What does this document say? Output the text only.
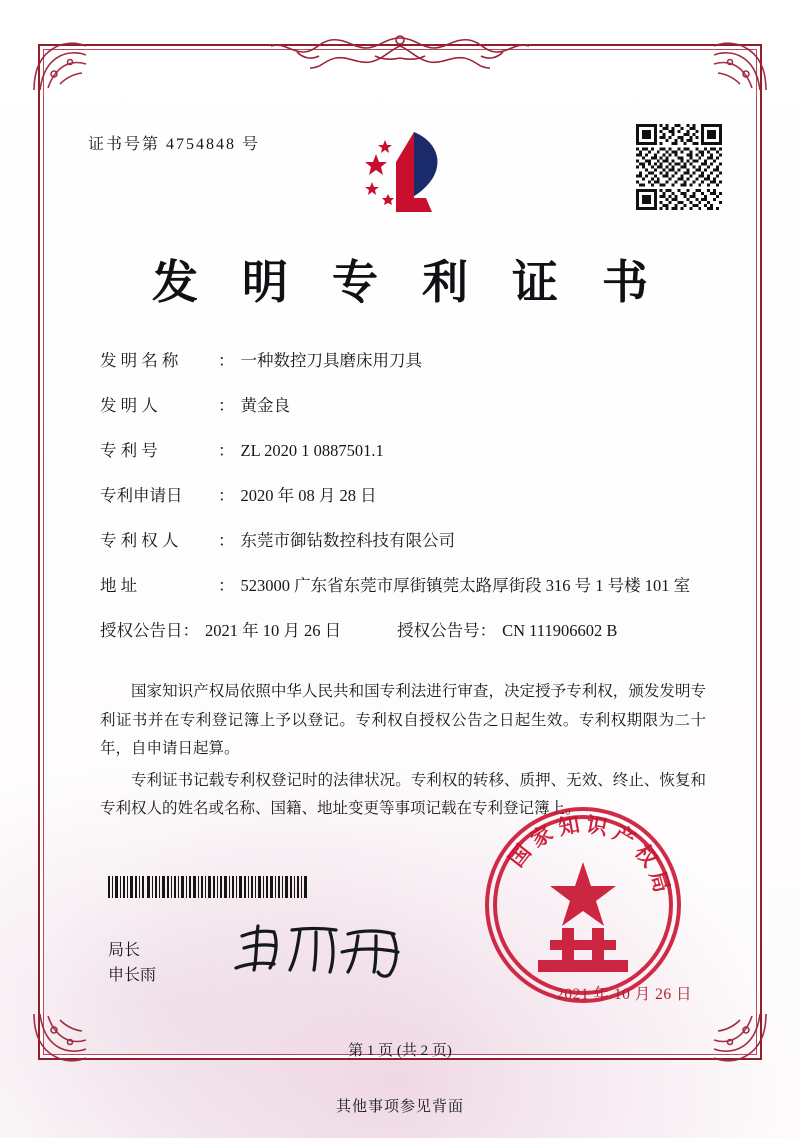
证书号第 4754848 号
发 明 专 利 证 书
发 明 名 称 ： 一种数控刀具磨床用刀具
发 明 人	： 黄金良
专 利 号	： ZL 2020 1 0887501.1
专利申请日	： 2020 年 08 月 28 日
专 利 权 人	： 东莞市御钻数控科技有限公司
地 址	： 523000 广东省东莞市厚街镇莞太路厚街段 316 号 1 号楼 101 室
授权公告日 ： 2021 年 10 月 26 日	授权公告号 ： CN 111906602 B

国家知识产权局依照中华人民共和国专利法进行审查，决定授予专利权，颁发发明专利证书并在专利登记簿上予以登记。专利权自授权公告之日起生效。专利权期限为二十年，自申请日起算。

专利证书记载专利权登记时的法律状况。专利权的转移、质押、无效、终止、恢复和专利权人的姓名或名称、国籍、地址变更等事项记载在专利登记簿上。

局长
申长雨
国
家 知 识 产
权
局
2021 年 10 月 26 日
第 1 页 (共 2 页)
其他事项参见背面
